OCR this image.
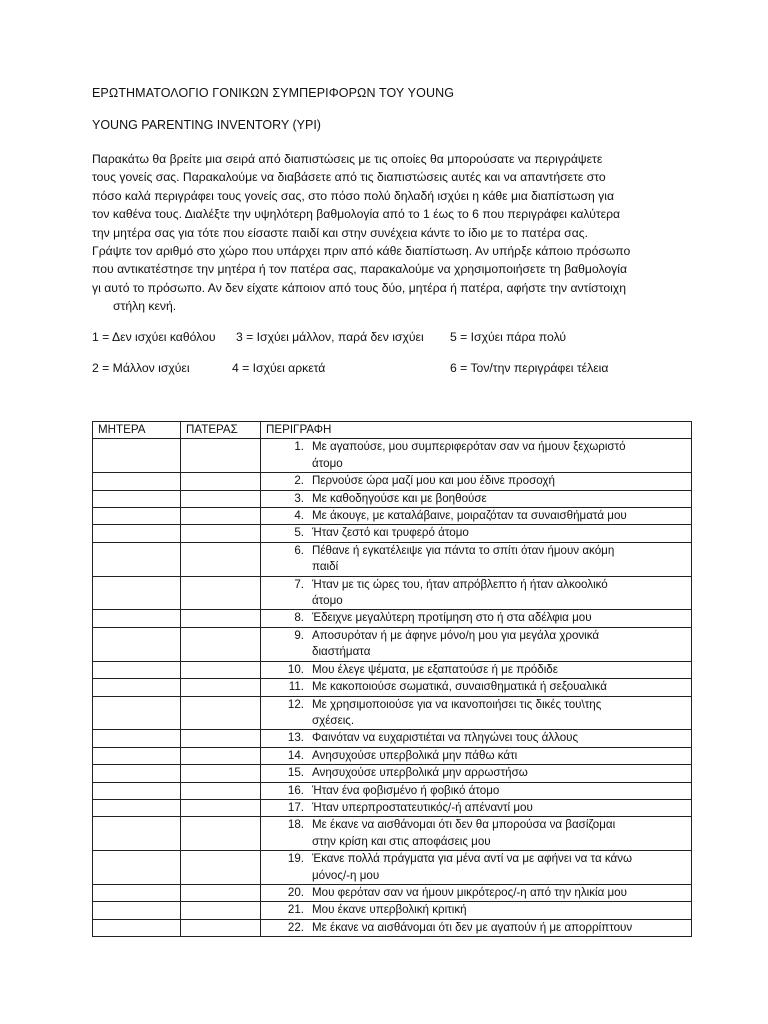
ΕΡΩΤΗΜΑΤΟΛΟΓΙΟ ΓΟΝΙΚΩΝ ΣΥΜΠΕΡΙΦΟΡΩΝ ΤΟΥ YOUNG
YOUNG PARENTING INVENTORY (YPI)

Παρακάτω θα βρείτε μια σειρά από διαπιστώσεις με τις οποίες θα μπορούσατε να περιγράψετε
τους γονείς σας. Παρακαλούμε να διαβάσετε από τις διαπιστώσεις αυτές και να απαντήσετε στο
πόσο καλά περιγράφει τους γονείς σας, στο πόσο πολύ δηλαδή ισχύει η κάθε μια διαπίστωση για
τον καθένα τους. Διαλέξτε την υψηλότερη βαθμολογία από το 1 έως το 6 που περιγράφει καλύτερα
την μητέρα σας για τότε που είσαστε παιδί και στην συνέχεια κάντε το ίδιο με το πατέρα σας.
Γράψτε τον αριθμό στο χώρο που υπάρχει πριν από κάθε διαπίστωση. Αν υπήρξε κάποιο πρόσωπο
που αντικατέστησε την μητέρα ή τον πατέρα σας, παρακαλούμε να χρησιμοποιήσετε τη βαθμολογία
γι αυτό το πρόσωπο. Αν δεν είχατε κάποιον από τους δύο, μητέρα ή πατέρα, αφήστε την αντίστοιχη
στήλη κενή.

1 = Δεν ισχύει καθόλου 3 = Ισχύει μάλλον, παρά δεν ισχύει 5 = Ισχύει πάρα πολύ
2 = Μάλλον ισχύει	4 = Ισχύει αρκετά	6 = Τον/την περιγράφει τέλεια
ΜΗΤΕΡΑ	ΠΑΤΕΡΑΣ	ΠΕΡΙΓΡΑΦΗ

		1. Με αγαπούσε, μου συμπεριφερόταν σαν να ήμουν ξεχωριστό
άτομο

		2. Περνούσε ώρα μαζί μου και μου έδινε προσοχή

		3. Με καθοδηγούσε και με βοηθούσε

		4. Με άκουγε, με καταλάβαινε, μοιραζόταν τα συναισθήματά μου

		5. Ήταν ζεστό και τρυφερό άτομο

		6. Πέθανε ή εγκατέλειψε για πάντα το σπίτι όταν ήμουν ακόμη
παιδί

		7. Ήταν με τις ώρες του, ήταν απρόβλεπτο ή ήταν αλκοολικό
άτομο

		8. Έδειχνε μεγαλύτερη προτίμηση στο ή στα αδέλφια μου

		9. Αποσυρόταν ή με άφηνε μόνο/η μου για μεγάλα χρονικά
διαστήματα

		10. Μου έλεγε ψέματα, με εξαπατούσε ή με πρόδιδε

		11. Με κακοποιούσε σωματικά, συναισθηματικά ή σεξουαλικά

		12. Με χρησιμοποιούσε για να ικανοποιήσει τις δικές του\της
σχέσεις.

		13. Φαινόταν να ευχαριστιέται να πληγώνει τους άλλους

		14. Ανησυχούσε υπερβολικά μην πάθω κάτι

		15. Ανησυχούσε υπερβολικά μην αρρωστήσω

		16. Ήταν ένα φοβισμένο ή φοβικό άτομο

		17. Ήταν υπερπροστατευτικός/-ή απέναντί μου

		18. Με έκανε να αισθάνομαι ότι δεν θα μπορούσα να βασίζομαι
στην κρίση και στις αποφάσεις μου

		19. Έκανε πολλά πράγματα για μένα αντί να με αφήνει να τα κάνω
μόνος/-η μου

		20. Μου φερόταν σαν να ήμουν μικρότερος/-η από την ηλικία μου

		21. Μου έκανε υπερβολική κριτική

		22. Με έκανε να αισθάνομαι ότι δεν με αγαπούν ή με απορρίπτουν
